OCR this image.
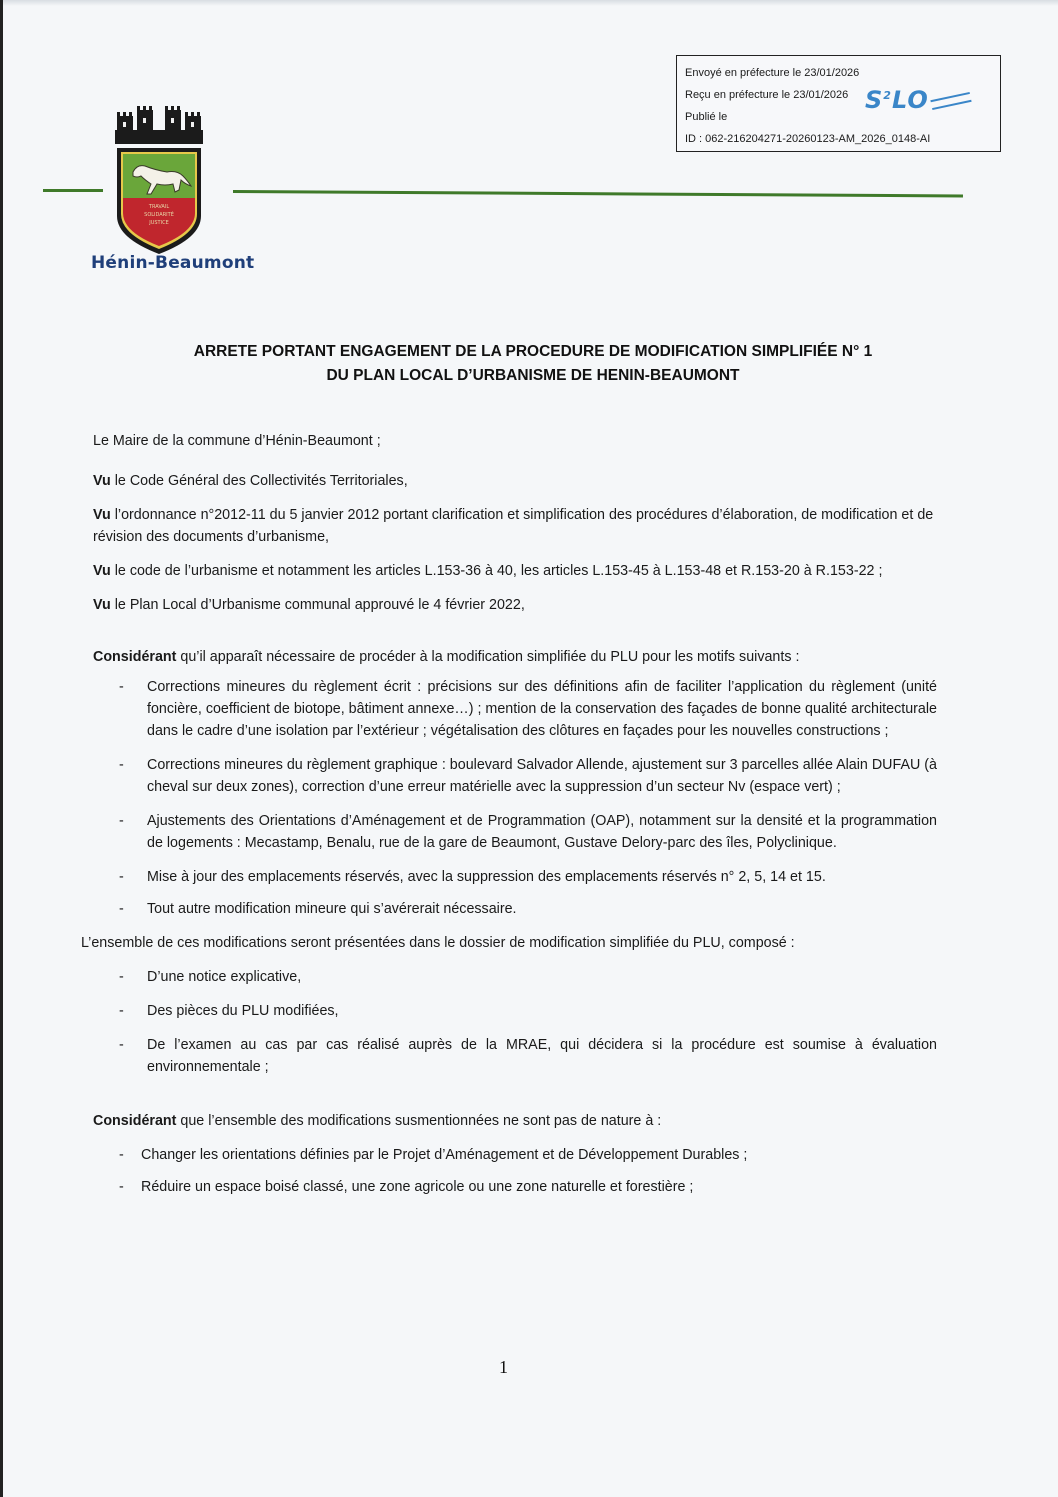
Envoyé en préfecture le 23/01/2026
Reçu en préfecture le 23/01/2026
Publié le
ID : 062-216204271-20260123-AM_2026_0148-AI
$S^2LO$
TRAVAIL
SOLIDARITÉ
JUSTICE
Hénin-Beaumont
ARRETE PORTANT ENGAGEMENT DE LA PROCEDURE DE MODIFICATION SIMPLIFIÉE N° 1
DU PLAN LOCAL D’URBANISME DE HENIN-BEAUMONT

Le Maire de la commune d’Hénin-Beaumont ;

Vu le Code Général des Collectivités Territoriales,

Vu l’ordonnance n°2012-11 du 5 janvier 2012 portant clarification et simplification des procédures d’élaboration, de modification et de révision des documents d’urbanisme,

Vu le code de l’urbanisme et notamment les articles L.153-36 à 40, les articles L.153-45 à L.153-48 et R.153-20 à R.153-22 ;

Vu le Plan Local d’Urbanisme communal approuvé le 4 février 2022,

Considérant qu’il apparaît nécessaire de procéder à la modification simplifiée du PLU pour les motifs suivants :

- Corrections mineures du règlement écrit : précisions sur des définitions afin de faciliter l’application du règlement (unité foncière, coefficient de biotope, bâtiment annexe…) ; mention de la conservation des façades de bonne qualité architecturale dans le cadre d’une isolation par l’extérieur ; végétalisation des clôtures en façades pour les nouvelles constructions ;
- Corrections mineures du règlement graphique : boulevard Salvador Allende, ajustement sur 3 parcelles allée Alain DUFAU (à cheval sur deux zones), correction d’une erreur matérielle avec la suppression d’un secteur Nv (espace vert) ;
- Ajustements des Orientations d’Aménagement et de Programmation (OAP), notamment sur la densité et la programmation de logements : Mecastamp, Benalu, rue de la gare de Beaumont, Gustave Delory-parc des îles, Polyclinique.
- Mise à jour des emplacements réservés, avec la suppression des emplacements réservés n° 2, 5, 14 et 15.
- Tout autre modification mineure qui s’avérerait nécessaire.

L’ensemble de ces modifications seront présentées dans le dossier de modification simplifiée du PLU, composé :

- D’une notice explicative,
- Des pièces du PLU modifiées,
- De l’examen au cas par cas réalisé auprès de la MRAE, qui décidera si la procédure est soumise à évaluation environnementale ;

Considérant que l’ensemble des modifications susmentionnées ne sont pas de nature à :

- Changer les orientations définies par le Projet d’Aménagement et de Développement Durables ;
- Réduire un espace boisé classé, une zone agricole ou une zone naturelle et forestière ;
1
